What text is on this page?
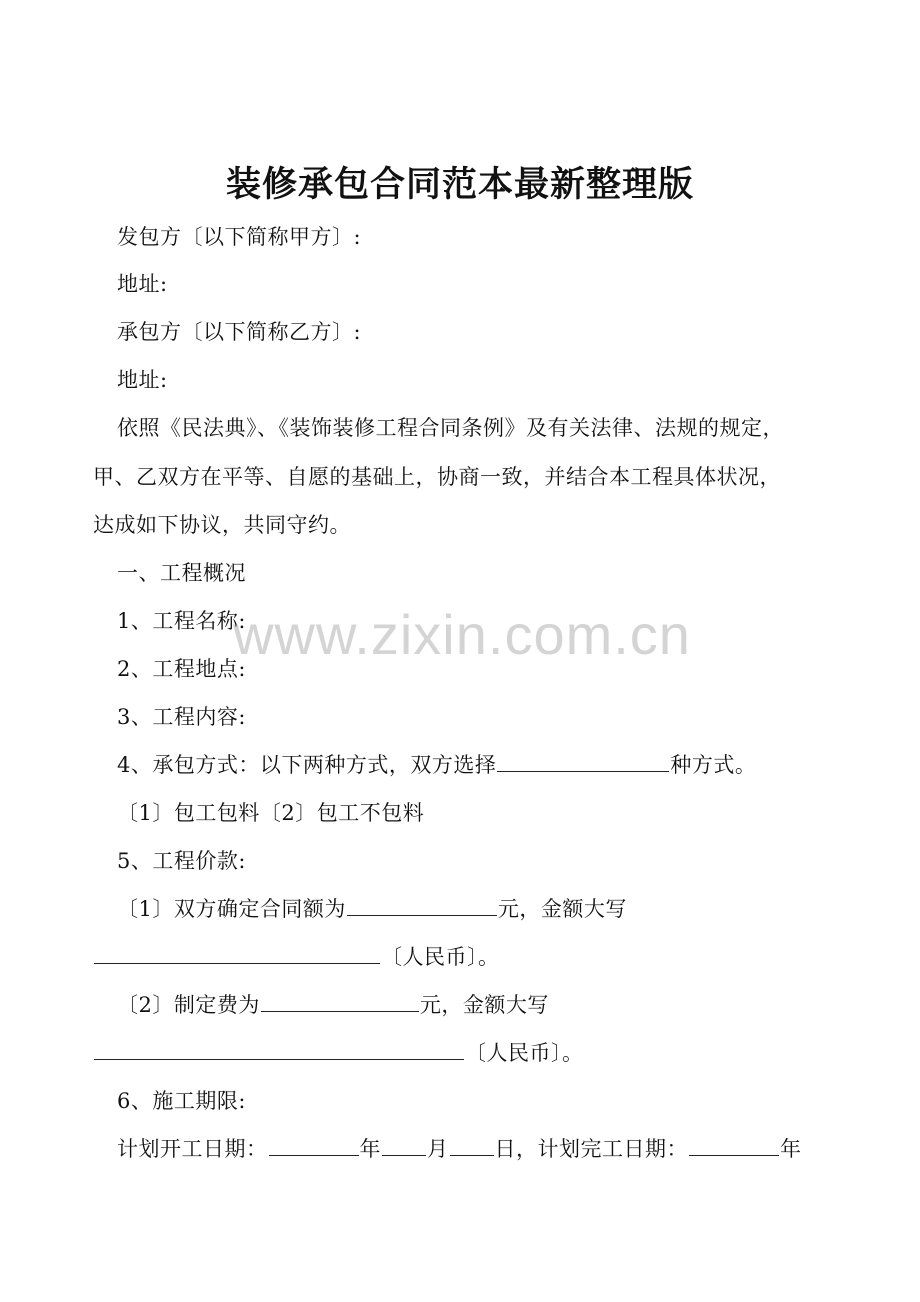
装修承包合同范本最新整理版
发包方〔以下简称甲方〕:
地址:
承包方〔以下简称乙方〕:
地址:
依照《民法典》、《装饰装修工程合同条例》及有关法律、法规的规定，
甲、乙双方在平等、自愿的基础上，协商一致，并结合本工程具体状况，
达成如下协议，共同守约。
一、工程概况
1、工程名称:
2、工程地点:
3、工程内容:
4、承包方式：以下两种方式，双方选择	种方式。
〔1〕包工包料〔2〕包工不包料
5、工程价款:
〔1〕双方确定合同额为	元，金额大写
〔人民币〕。
〔2〕制定费为	元，金额大写
〔人民币〕。
6、施工期限:
计划开工日期：	年 月 日，计划完工日期：	年
www.zixin.com.cn
